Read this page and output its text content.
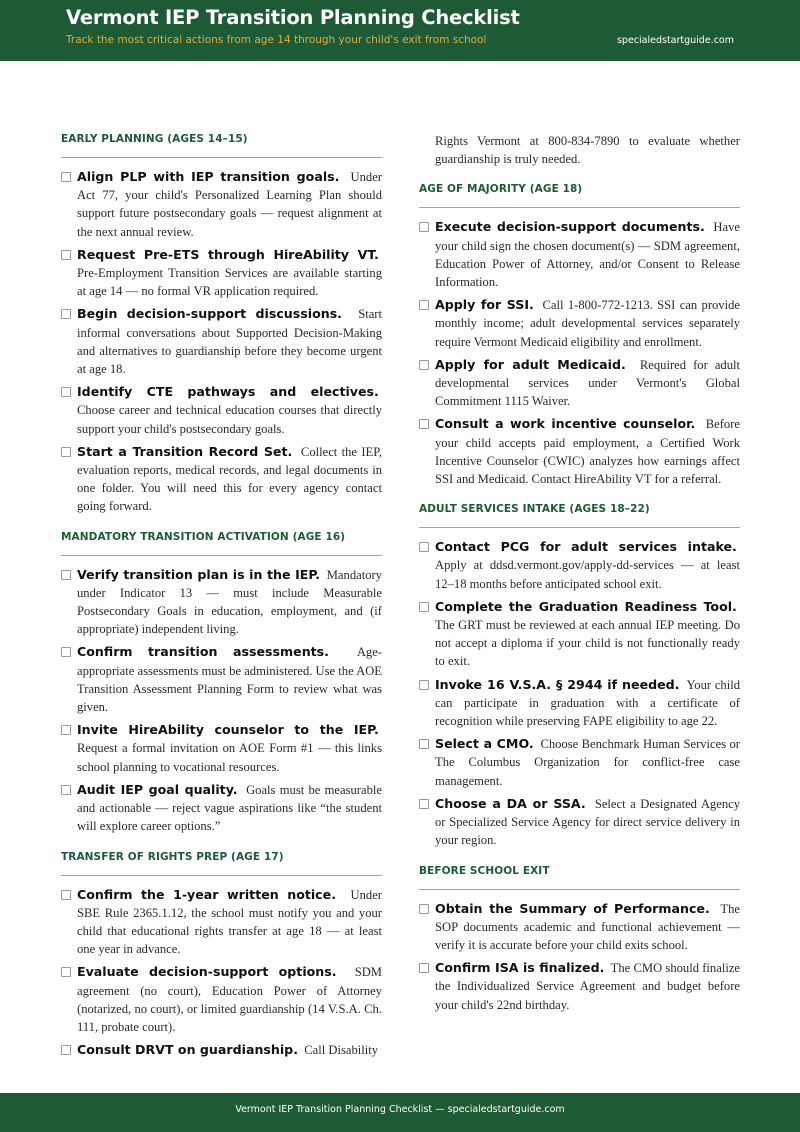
Vermont IEP Transition Planning Checklist
Track the most critical actions from age 14 through your child's exit from school	specialedstartguide.com
EARLY PLANNING (AGES 14–15)
Align PLP with IEP transition goals. Under Act 77, your child's Personalized Learning Plan should support future postsecondary goals — request alignment at the next annual review.
Request Pre-ETS through HireAbility VT.  Pre-Employment Transition Services are available starting at age 14 — no formal VR application required.
Begin decision-support discussions. Start informal conversations about Supported Decision-Making and alternatives to guardianship before they become urgent at age 18.
Identify CTE pathways and electives.  Choose career and technical education courses that directly support your child's postsecondary goals.
Start a Transition Record Set. Collect the IEP, evaluation reports, medical records, and legal documents in one folder. You will need this for every agency contact going forward.
MANDATORY TRANSITION ACTIVATION (AGE 16)
Verify transition plan is in the IEP. Mandatory under Indicator 13 — must include Measurable Postsecondary Goals in education, employment, and (if appropriate) independent living.
Confirm transition assessments. Age-appropriate assessments must be administered. Use the AOE Transition Assessment Planning Form to review what was given.
Invite HireAbility counselor to the IEP.  Request a formal invitation on AOE Form #1 — this links school planning to vocational resources.
Audit IEP goal quality. Goals must be measurable and actionable — reject vague aspirations like “the student will explore career options.”
TRANSFER OF RIGHTS PREP (AGE 17)
Confirm the 1-year written notice. Under SBE Rule 2365.1.12, the school must notify you and your child that educational rights transfer at age 18 — at least one year in advance.
Evaluate decision-support options. SDM agreement (no court), Education Power of Attorney (notarized, no court), or limited guardianship (14 V.S.A. Ch. 111, probate court).
Consult DRVT on guardianship. Call Disability
Rights Vermont at 800-834-7890 to evaluate whether guardianship is truly needed.
AGE OF MAJORITY (AGE 18)
Execute decision-support documents. Have your child sign the chosen document(s) — SDM agreement, Education Power of Attorney, and/or Consent to Release Information.
Apply for SSI. Call 1-800-772-1213. SSI can provide monthly income; adult developmental services separately require Vermont Medicaid eligibility and enrollment.
Apply for adult Medicaid. Required for adult developmental services under Vermont's Global Commitment 1115 Waiver.
Consult a work incentive counselor. Before your child accepts paid employment, a Certified Work Incentive Counselor (CWIC) analyzes how earnings affect SSI and Medicaid. Contact HireAbility VT for a referral.
ADULT SERVICES INTAKE (AGES 18–22)
Contact PCG for adult services intake.  Apply at ddsd.vermont.gov/apply-dd-services — at least 12–18 months before anticipated school exit.
Complete the Graduation Readiness Tool.  The GRT must be reviewed at each annual IEP meeting. Do not accept a diploma if your child is not functionally ready to exit.
Invoke 16 V.S.A. § 2944 if needed. Your child can participate in graduation with a certificate of recognition while preserving FAPE eligibility to age 22.
Select a CMO. Choose Benchmark Human Services or The Columbus Organization for conflict-free case management.
Choose a DA or SSA. Select a Designated Agency or Specialized Service Agency for direct service delivery in your region.
BEFORE SCHOOL EXIT
Obtain the Summary of Performance. The SOP documents academic and functional achievement — verify it is accurate before your child exits school.
Confirm ISA is finalized. The CMO should finalize the Individualized Service Agreement and budget before your child's 22nd birthday.
Vermont IEP Transition Planning Checklist — specialedstartguide.com
